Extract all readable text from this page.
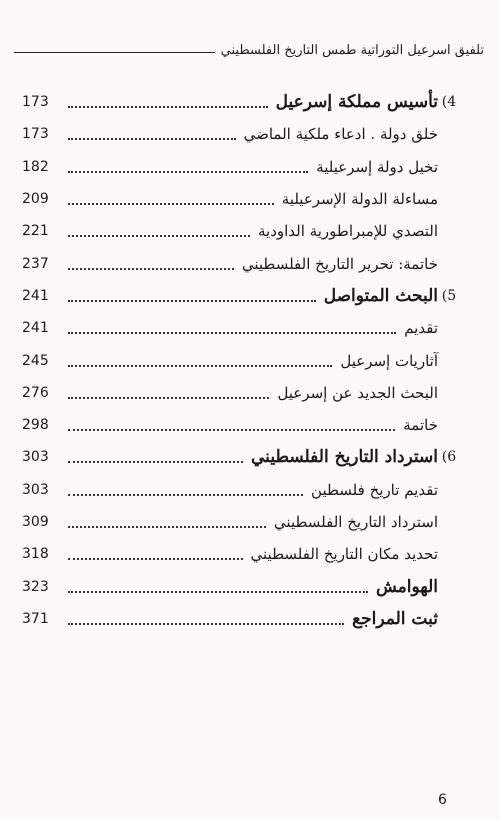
تلفيق اسرعيل التوراتية طمس التاريخ الفلسطيني
4)
تأسيس مملكة إسرعيل
173
خلق دولة . ادعاء ملكية الماضي
173
تخيل دولة إسرعيلية
182
مساءلة الدولة الإسرعيلية
209
التصدي للإمبراطورية الداودية
221
خاتمة: تحرير التاريخ الفلسطيني
237
5)
البحث المتواصل
241
تقديم
241
آثاريات إسرعيل
245
البحث الجديد عن إسرعيل
276
خاتمة
298
6)
استرداد التاريخ الفلسطيني
303
تقديم تاريخ فلسطين
303
استرداد التاريخ الفلسطيني
309
تحديد مكان التاريخ الفلسطيني
318
الهوامش
323
ثبت المراجع
371
6
